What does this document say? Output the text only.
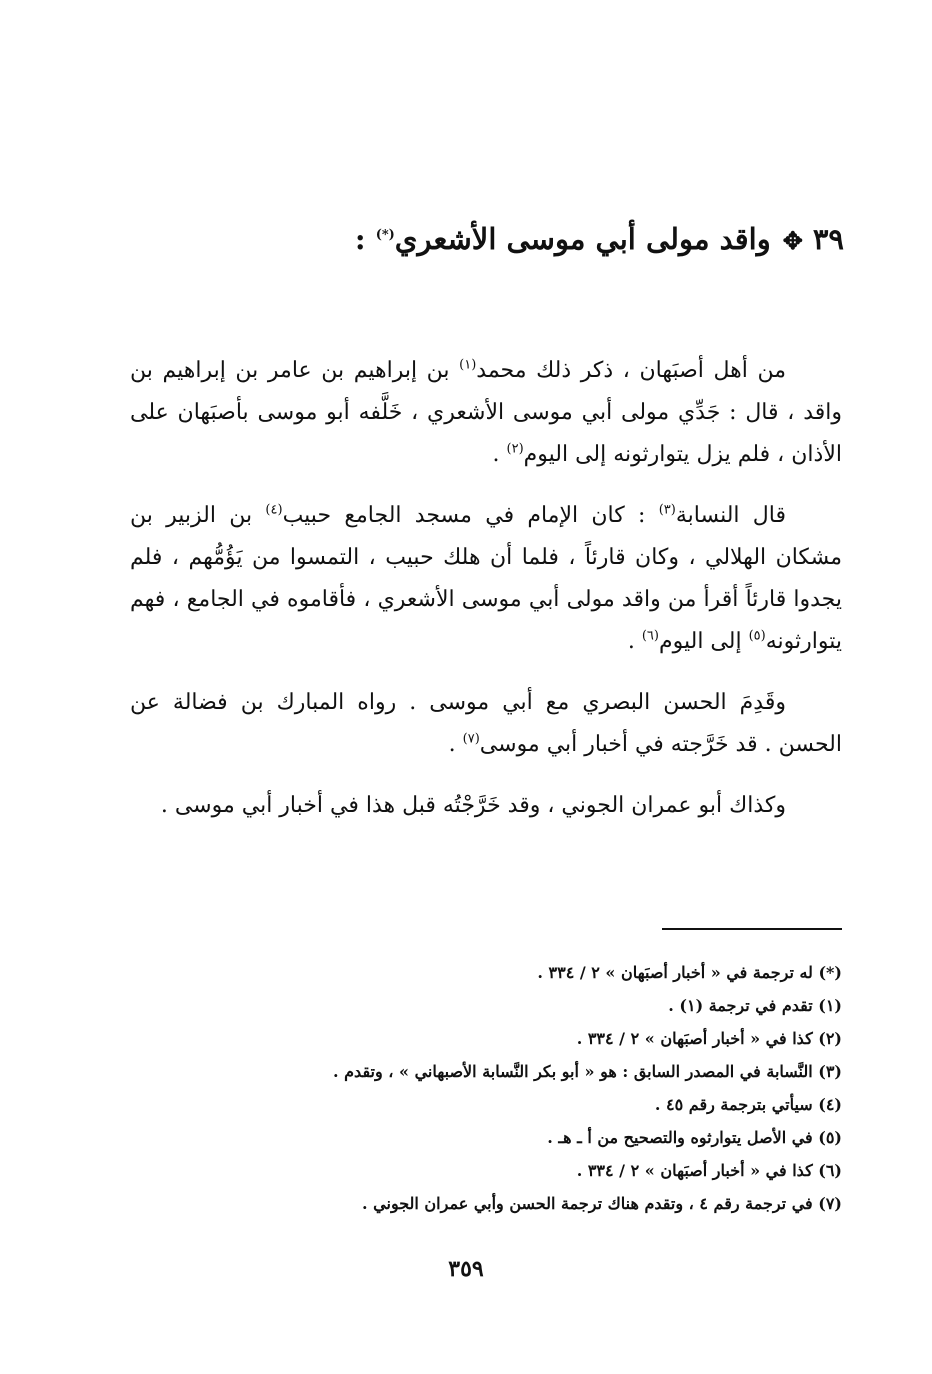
٣٩✥واقد مولى أبي موسى الأشعري(*) :

من أهل أصبَهان ، ذكر ذلك محمد$^{(١)}$ بن إبراهيم بن عامر بن إبراهيم بن واقد ، قال : جَدِّي مولى أبي موسى الأشعري ، خَلَّفه أبو موسى بأصبَهان على الأذان ، فلم يزل يتوارثونه إلى اليوم$^{(٢)}$ .

قال النسابة$^{(٣)}$ : كان الإمام في مسجد الجامع حبيب$^{(٤)}$ بن الزبير بن مشكان الهلالي ، وكان قارئاً ، فلما أن هلك حبيب ، التمسوا من يَؤُمُّهم ، فلم يجدوا قارئاً أقرأ من واقد مولى أبي موسى الأشعري ، فأقاموه في الجامع ، فهم يتوارثونه$^{(٥)}$ إلى اليوم$^{(٦)}$ .

وقَدِمَ الحسن البصري مع أبي موسى . رواه المبارك بن فضالة عن الحسن . قد خَرَّجته في أخبار أبي موسى$^{(٧)}$ .

وكذاك أبو عمران الجوني ، وقد خَرَّجْتُه قبل هذا في أخبار أبي موسى .

(*) له ترجمة في « أخبار أصبَهان » ٢ / ٣٣٤ .

(١) تقدم في ترجمة (١) .

(٢) كذا في « أخبار أصبَهان » ٢ / ٣٣٤ .

(٣) النَّسابة في المصدر السابق : هو « أبو بكر النَّسابة الأصبهاني » ، وتقدم .

(٤) سيأتي بترجمة رقم ٤٥ .

(٥) في الأصل يتوارثوه والتصحيح من أ ـ هـ .

(٦) كذا في « أخبار أصبَهان » ٢ / ٣٣٤ .

(٧) في ترجمة رقم ٤ ، وتقدم هناك ترجمة الحسن وأبي عمران الجوني .

٣٥٩
